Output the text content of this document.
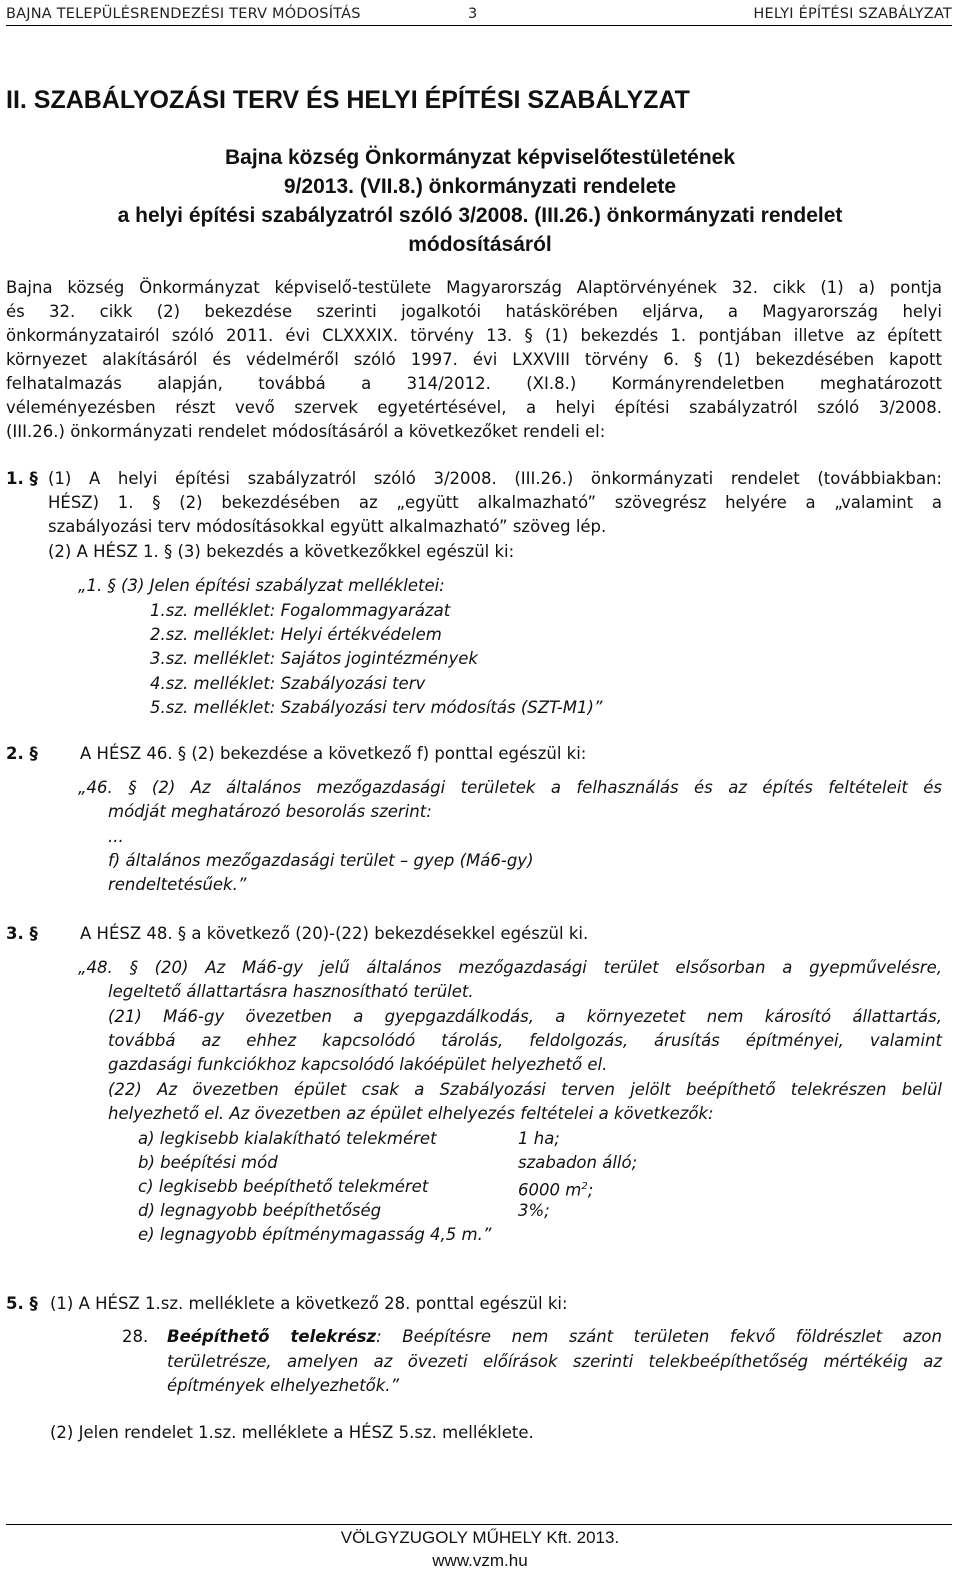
BAJNA TELEPÜLÉSRENDEZÉSI TERV MÓDOSÍTÁS	3	HELYI ÉPÍTÉSI SZABÁLYZAT
II. SZABÁLYOZÁSI TERV ÉS HELYI ÉPÍTÉSI SZABÁLYZAT
Bajna község Önkormányzat képviselőtestületének
9/2013. (VII.8.) önkormányzati rendelete
a helyi építési szabályzatról szóló 3/2008. (III.26.) önkormányzati rendelet
módosításáról
Bajna község Önkormányzat képviselő-testülete Magyarország Alaptörvényének 32. cikk (1) a) pontja
és 32. cikk (2) bekezdése szerinti jogalkotói hatáskörében eljárva, a Magyarország helyi
önkormányzatairól szóló 2011. évi CLXXXIX. törvény 13. § (1) bekezdés 1. pontjában illetve az épített
környezet alakításáról és védelméről szóló 1997. évi LXXVIII törvény 6. § (1) bekezdésében kapott
felhatalmazás alapján, továbbá a 314/2012. (XI.8.) Kormányrendeletben meghatározott
véleményezésben részt vevő szervek egyetértésével, a helyi építési szabályzatról szóló 3/2008.
(III.26.) önkormányzati rendelet módosításáról a következőket rendeli el:
1. § (1) A helyi építési szabályzatról szóló 3/2008. (III.26.) önkormányzati rendelet (továbbiakban:
HÉSZ) 1. § (2) bekezdésében az „együtt alkalmazható” szövegrész helyére a „valamint a
szabályozási terv módosításokkal együtt alkalmazható” szöveg lép.
(2) A HÉSZ 1. § (3) bekezdés a következőkkel egészül ki:
„1. § (3) Jelen építési szabályzat mellékletei:
1.sz. melléklet: Fogalommagyarázat
2.sz. melléklet: Helyi értékvédelem
3.sz. melléklet: Sajátos jogintézmények
4.sz. melléklet: Szabályozási terv
5.sz. melléklet: Szabályozási terv módosítás (SZT-M1)”
2. §	A HÉSZ 46. § (2) bekezdése a következő f) ponttal egészül ki:
„46. § (2) Az általános mezőgazdasági területek a felhasználás és az építés feltételeit és
módját meghatározó besorolás szerint:
...
f) általános mezőgazdasági terület – gyep (Má6-gy)
rendeltetésűek.”
3. §	A HÉSZ 48. § a következő (20)-(22) bekezdésekkel egészül ki.
„48. § (20) Az Má6-gy jelű általános mezőgazdasági terület elsősorban a gyepművelésre,
legeltető állattartásra hasznosítható terület.
(21) Má6-gy övezetben a gyepgazdálkodás, a környezetet nem károsító állattartás,
továbbá az ehhez kapcsolódó tárolás, feldolgozás, árusítás építményei, valamint
gazdasági funkciókhoz kapcsolódó lakóépület helyezhető el.
(22) Az övezetben épület csak a Szabályozási terven jelölt beépíthető telekrészen belül
helyezhető el. Az övezetben az épület elhelyezés feltételei a következők:
a) legkisebb kialakítható telekméret	1 ha;
b) beépítési mód	szabadon álló;
c) legkisebb beépíthető telekméret	6000 $m^2$;
d) legnagyobb beépíthetőség	3%;
e) legnagyobb építménymagasság 4,5 m.”
5. § (1) A HÉSZ 1.sz. melléklete a következő 28. ponttal egészül ki:
28. Beépíthető telekrész: Beépítésre nem szánt területen fekvő földrészlet azon
területrésze, amelyen az övezeti előírások szerinti telekbeépíthetőség mértékéig az
építmények elhelyezhetők.”
(2) Jelen rendelet 1.sz. melléklete a HÉSZ 5.sz. melléklete.
VÖLGYZUGOLY MŰHELY Kft. 2013.
www.vzm.hu
